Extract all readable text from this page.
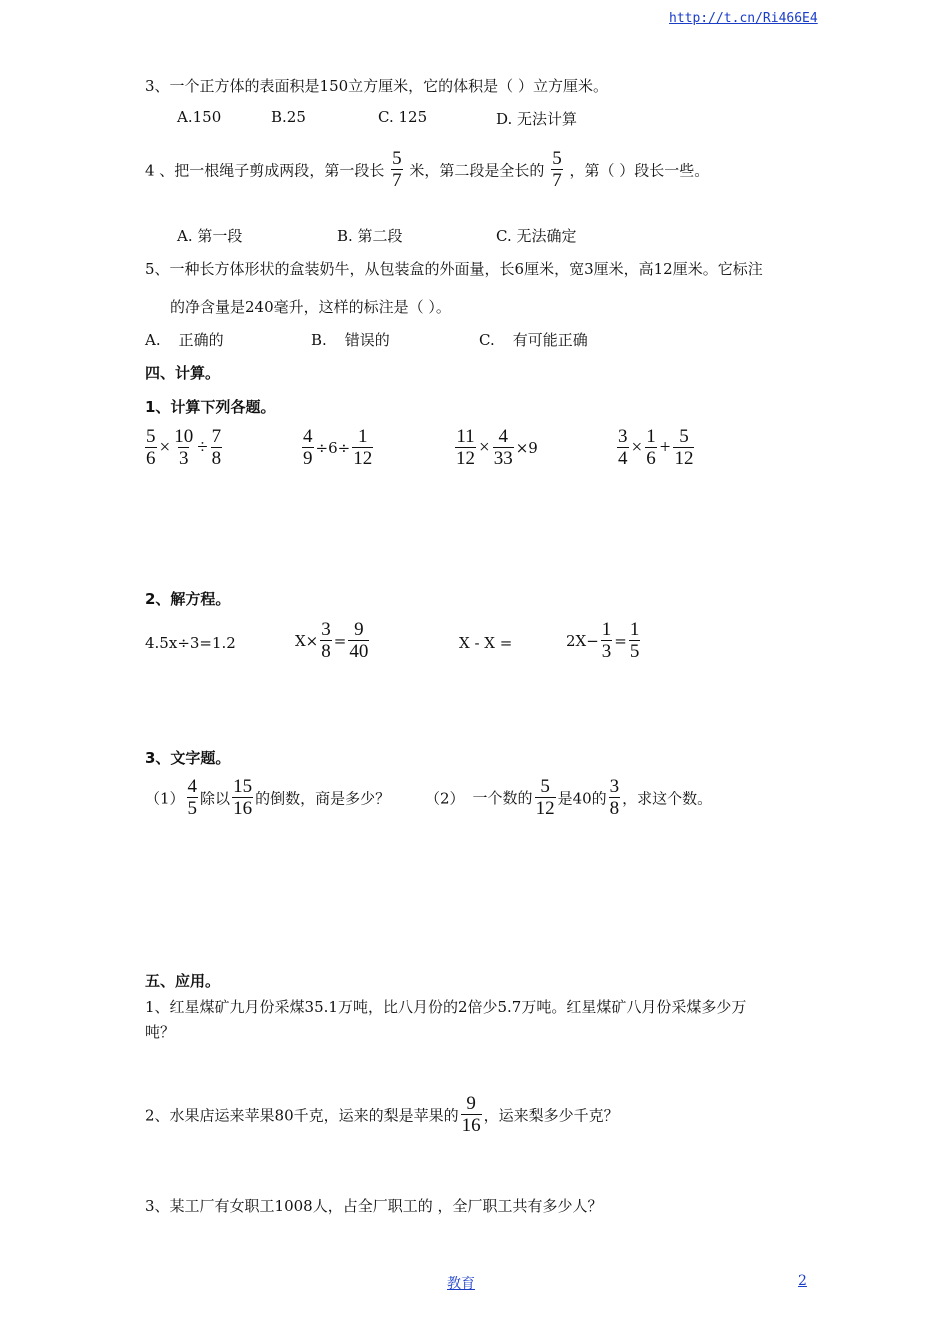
http://t.cn/Ri466E4
3、一个正方体的表面积是150立方厘米，它的体积是（ ）立方厘米。
A.150	B.25	C. 125	D. 无法计算
4 、把一根绳子剪成两段，第一段长 $\frac{5}{7}$ 米，第二段是全长的 $\frac{5}{7}$ ，第（ ）段长一些。
A. 第一段	B. 第二段	C. 无法确定
5、一种长方体形状的盒装奶牛，从包装盒的外面量，长6厘米，宽3厘米，高12厘米。它标注
的净含量是240毫升，这样的标注是（ ）。
A. 正确的	B. 错误的	C. 有可能正确
四、计算。
1、计算下列各题。
$\frac{5}{6} \times \frac{10}{3} \div \frac{7}{8}$	$\frac{4}{9} \div 6\div \frac{1}{12}$	$\frac{11}{12} \times \frac{4}{33} \times 9$	$\frac{3}{4} \times \frac{1}{6} + \frac{5}{12}$
2、解方程。
4.5x÷3=1.2	$X\times \frac{3}{8} = \frac{9}{40}$	X - X =	$2X- \frac{1}{3} = \frac{1}{5}$
3、文字题。
$(1) \frac{4}{5}$ 除以 $\frac{15}{16}$ 的倒数，商是多少？ （2） 一个数的 $\frac{5}{12}$ 是40的 $\frac{3}{8}$ ，求这个数。
五、应用。
1、红星煤矿九月份采煤35.1万吨，比八月份的2倍少5.7万吨。红星煤矿八月份采煤多少万
吨？
2、水果店运来苹果80千克，运来的梨是苹果的 $\frac{9}{16}$ ，运来梨多少千克？
3、某工厂有女职工1008人，占全厂职工的 ，全厂职工共有多少人？
教育	2
